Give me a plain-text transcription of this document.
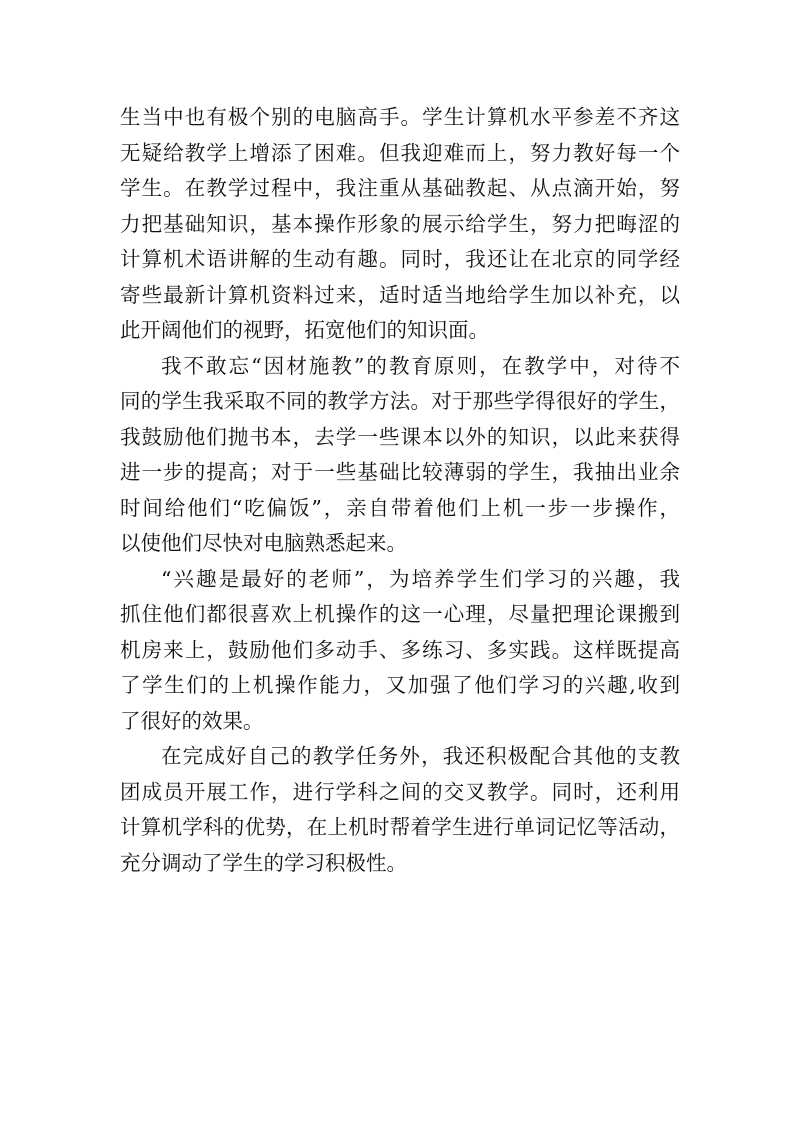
生当中也有极个别的电脑高手。学生计算机水平参差不齐这
无疑给教学上增添了困难。但我迎难而上，努力教好每一个
学生。在教学过程中，我注重从基础教起、从点滴开始，努
力把基础知识，基本操作形象的展示给学生，努力把晦涩的
计算机术语讲解的生动有趣。同时，我还让在北京的同学经
寄些最新计算机资料过来，适时适当地给学生加以补充，以
此开阔他们的视野，拓宽他们的知识面。
我不敢忘“因材施教”的教育原则，在教学中，对待不
同的学生我采取不同的教学方法。对于那些学得很好的学生，
我鼓励他们抛书本，去学一些课本以外的知识，以此来获得
进一步的提高；对于一些基础比较薄弱的学生，我抽出业余
时间给他们“吃偏饭”，亲自带着他们上机一步一步操作，
以使他们尽快对电脑熟悉起来。
“兴趣是最好的老师”，为培养学生们学习的兴趣，我
抓住他们都很喜欢上机操作的这一心理，尽量把理论课搬到
机房来上，鼓励他们多动手、多练习、多实践。这样既提高
了学生们的上机操作能力，又加强了他们学习的兴趣,收到
了很好的效果。
在完成好自己的教学任务外，我还积极配合其他的支教
团成员开展工作，进行学科之间的交叉教学。同时，还利用
计算机学科的优势，在上机时帮着学生进行单词记忆等活动，
充分调动了学生的学习积极性。
